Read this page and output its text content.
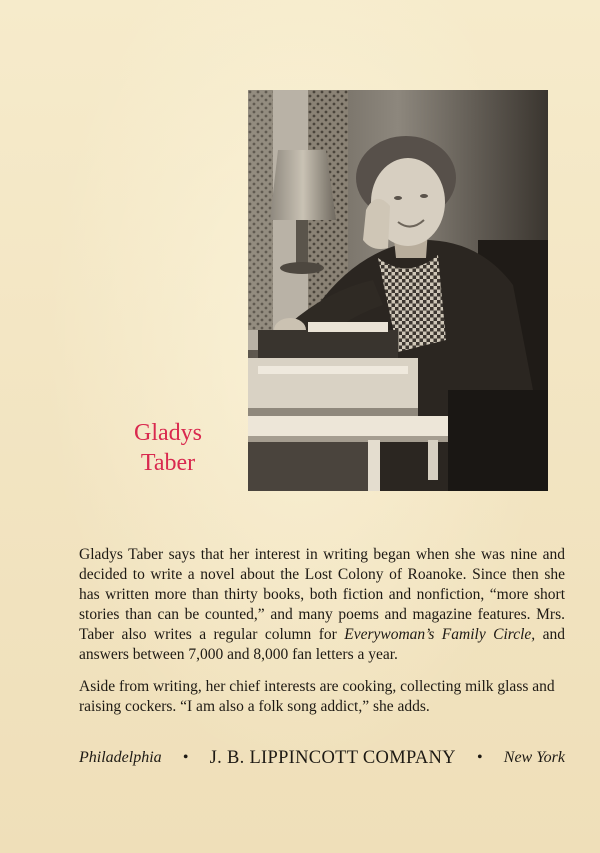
Gladys
Taber

Gladys Taber says that her interest in writing began when she was nine and decided to write a novel about the Lost Colony of Roanoke. Since then she has written more than thirty books, both fiction and nonfiction, “more short stories than can be counted,” and many poems and magazine features. Mrs. Taber also writes a regular column for Everywoman’s Family Circle, and answers between 7,000 and 8,000 fan letters a year.

Aside from writing, her chief interests are cooking, collecting milk glass and raising cockers. “I am also a folk song addict,” she adds.

Philadelphia • J. B. LIPPINCOTT COMPANY • New York
